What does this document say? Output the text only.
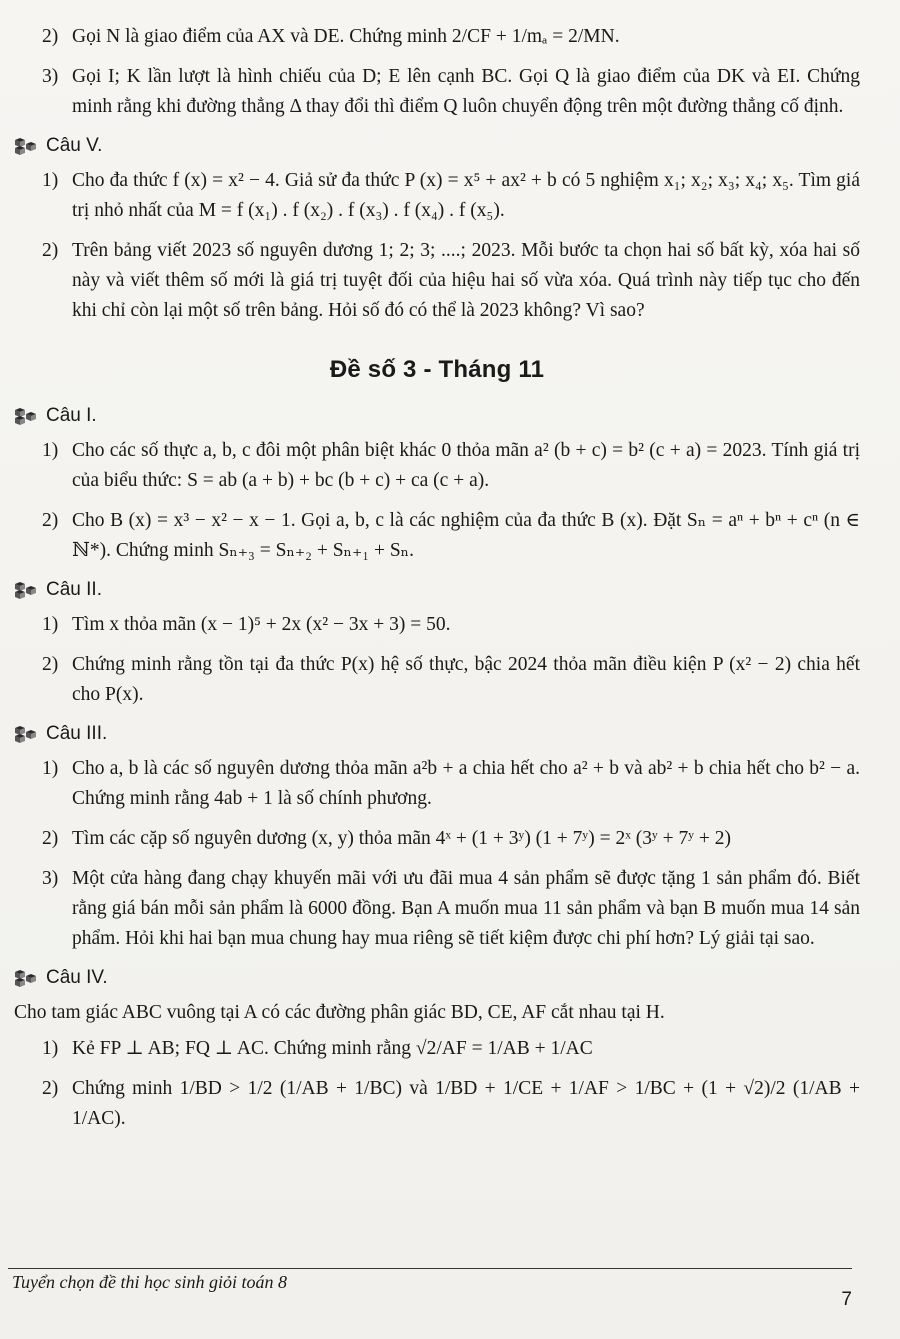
2) Gọi N là giao điểm của AX và DE. Chứng minh 2/CF + 1/mₐ = 2/MN.
3) Gọi I; K lần lượt là hình chiếu của D; E lên cạnh BC. Gọi Q là giao điểm của DK và EI. Chứng minh rằng khi đường thẳng Δ thay đổi thì điểm Q luôn chuyển động trên một đường thẳng cố định.
Câu V.
1) Cho đa thức f (x) = x² − 4. Giả sử đa thức P (x) = x⁵ + ax² + b có 5 nghiệm x₁; x₂; x₃; x₄; x₅. Tìm giá trị nhỏ nhất của M = f (x₁) . f (x₂) . f (x₃) . f (x₄) . f (x₅).
2) Trên bảng viết 2023 số nguyên dương 1; 2; 3; ....; 2023. Mỗi bước ta chọn hai số bất kỳ, xóa hai số này và viết thêm số mới là giá trị tuyệt đối của hiệu hai số vừa xóa. Quá trình này tiếp tục cho đến khi chỉ còn lại một số trên bảng. Hỏi số đó có thể là 2023 không? Vì sao?
Đề số 3 - Tháng 11
Câu I.
1) Cho các số thực a, b, c đôi một phân biệt khác 0 thỏa mãn a² (b + c) = b² (c + a) = 2023. Tính giá trị của biểu thức: S = ab (a + b) + bc (b + c) + ca (c + a).
2) Cho B (x) = x³ − x² − x − 1. Gọi a, b, c là các nghiệm của đa thức B (x). Đặt Sₙ = aⁿ + bⁿ + cⁿ (n ∈ ℕ*). Chứng minh Sₙ₊₃ = Sₙ₊₂ + Sₙ₊₁ + Sₙ.
Câu II.
1) Tìm x thỏa mãn (x − 1)⁵ + 2x (x² − 3x + 3) = 50.
2) Chứng minh rằng tồn tại đa thức P(x) hệ số thực, bậc 2024 thỏa mãn điều kiện P (x² − 2) chia hết cho P(x).
Câu III.
1) Cho a, b là các số nguyên dương thỏa mãn a²b + a chia hết cho a² + b và ab² + b chia hết cho b² − a. Chứng minh rằng 4ab + 1 là số chính phương.
2) Tìm các cặp số nguyên dương (x, y) thỏa mãn 4ˣ + (1 + 3ʸ) (1 + 7ʸ) = 2ˣ (3ʸ + 7ʸ + 2)
3) Một cửa hàng đang chạy khuyến mãi với ưu đãi mua 4 sản phẩm sẽ được tặng 1 sản phẩm đó. Biết rằng giá bán mỗi sản phẩm là 6000 đồng. Bạn A muốn mua 11 sản phẩm và bạn B muốn mua 14 sản phẩm. Hỏi khi hai bạn mua chung hay mua riêng sẽ tiết kiệm được chi phí hơn? Lý giải tại sao.
Câu IV.
Cho tam giác ABC vuông tại A có các đường phân giác BD, CE, AF cắt nhau tại H.
1) Kẻ FP ⊥ AB; FQ ⊥ AC. Chứng minh rằng √2/AF = 1/AB + 1/AC
2) Chứng minh 1/BD > 1/2 (1/AB + 1/BC) và 1/BD + 1/CE + 1/AF > 1/BC + (1 + √2)/2 (1/AB + 1/AC).
Tuyển chọn đề thi học sinh giỏi toán 8
7
